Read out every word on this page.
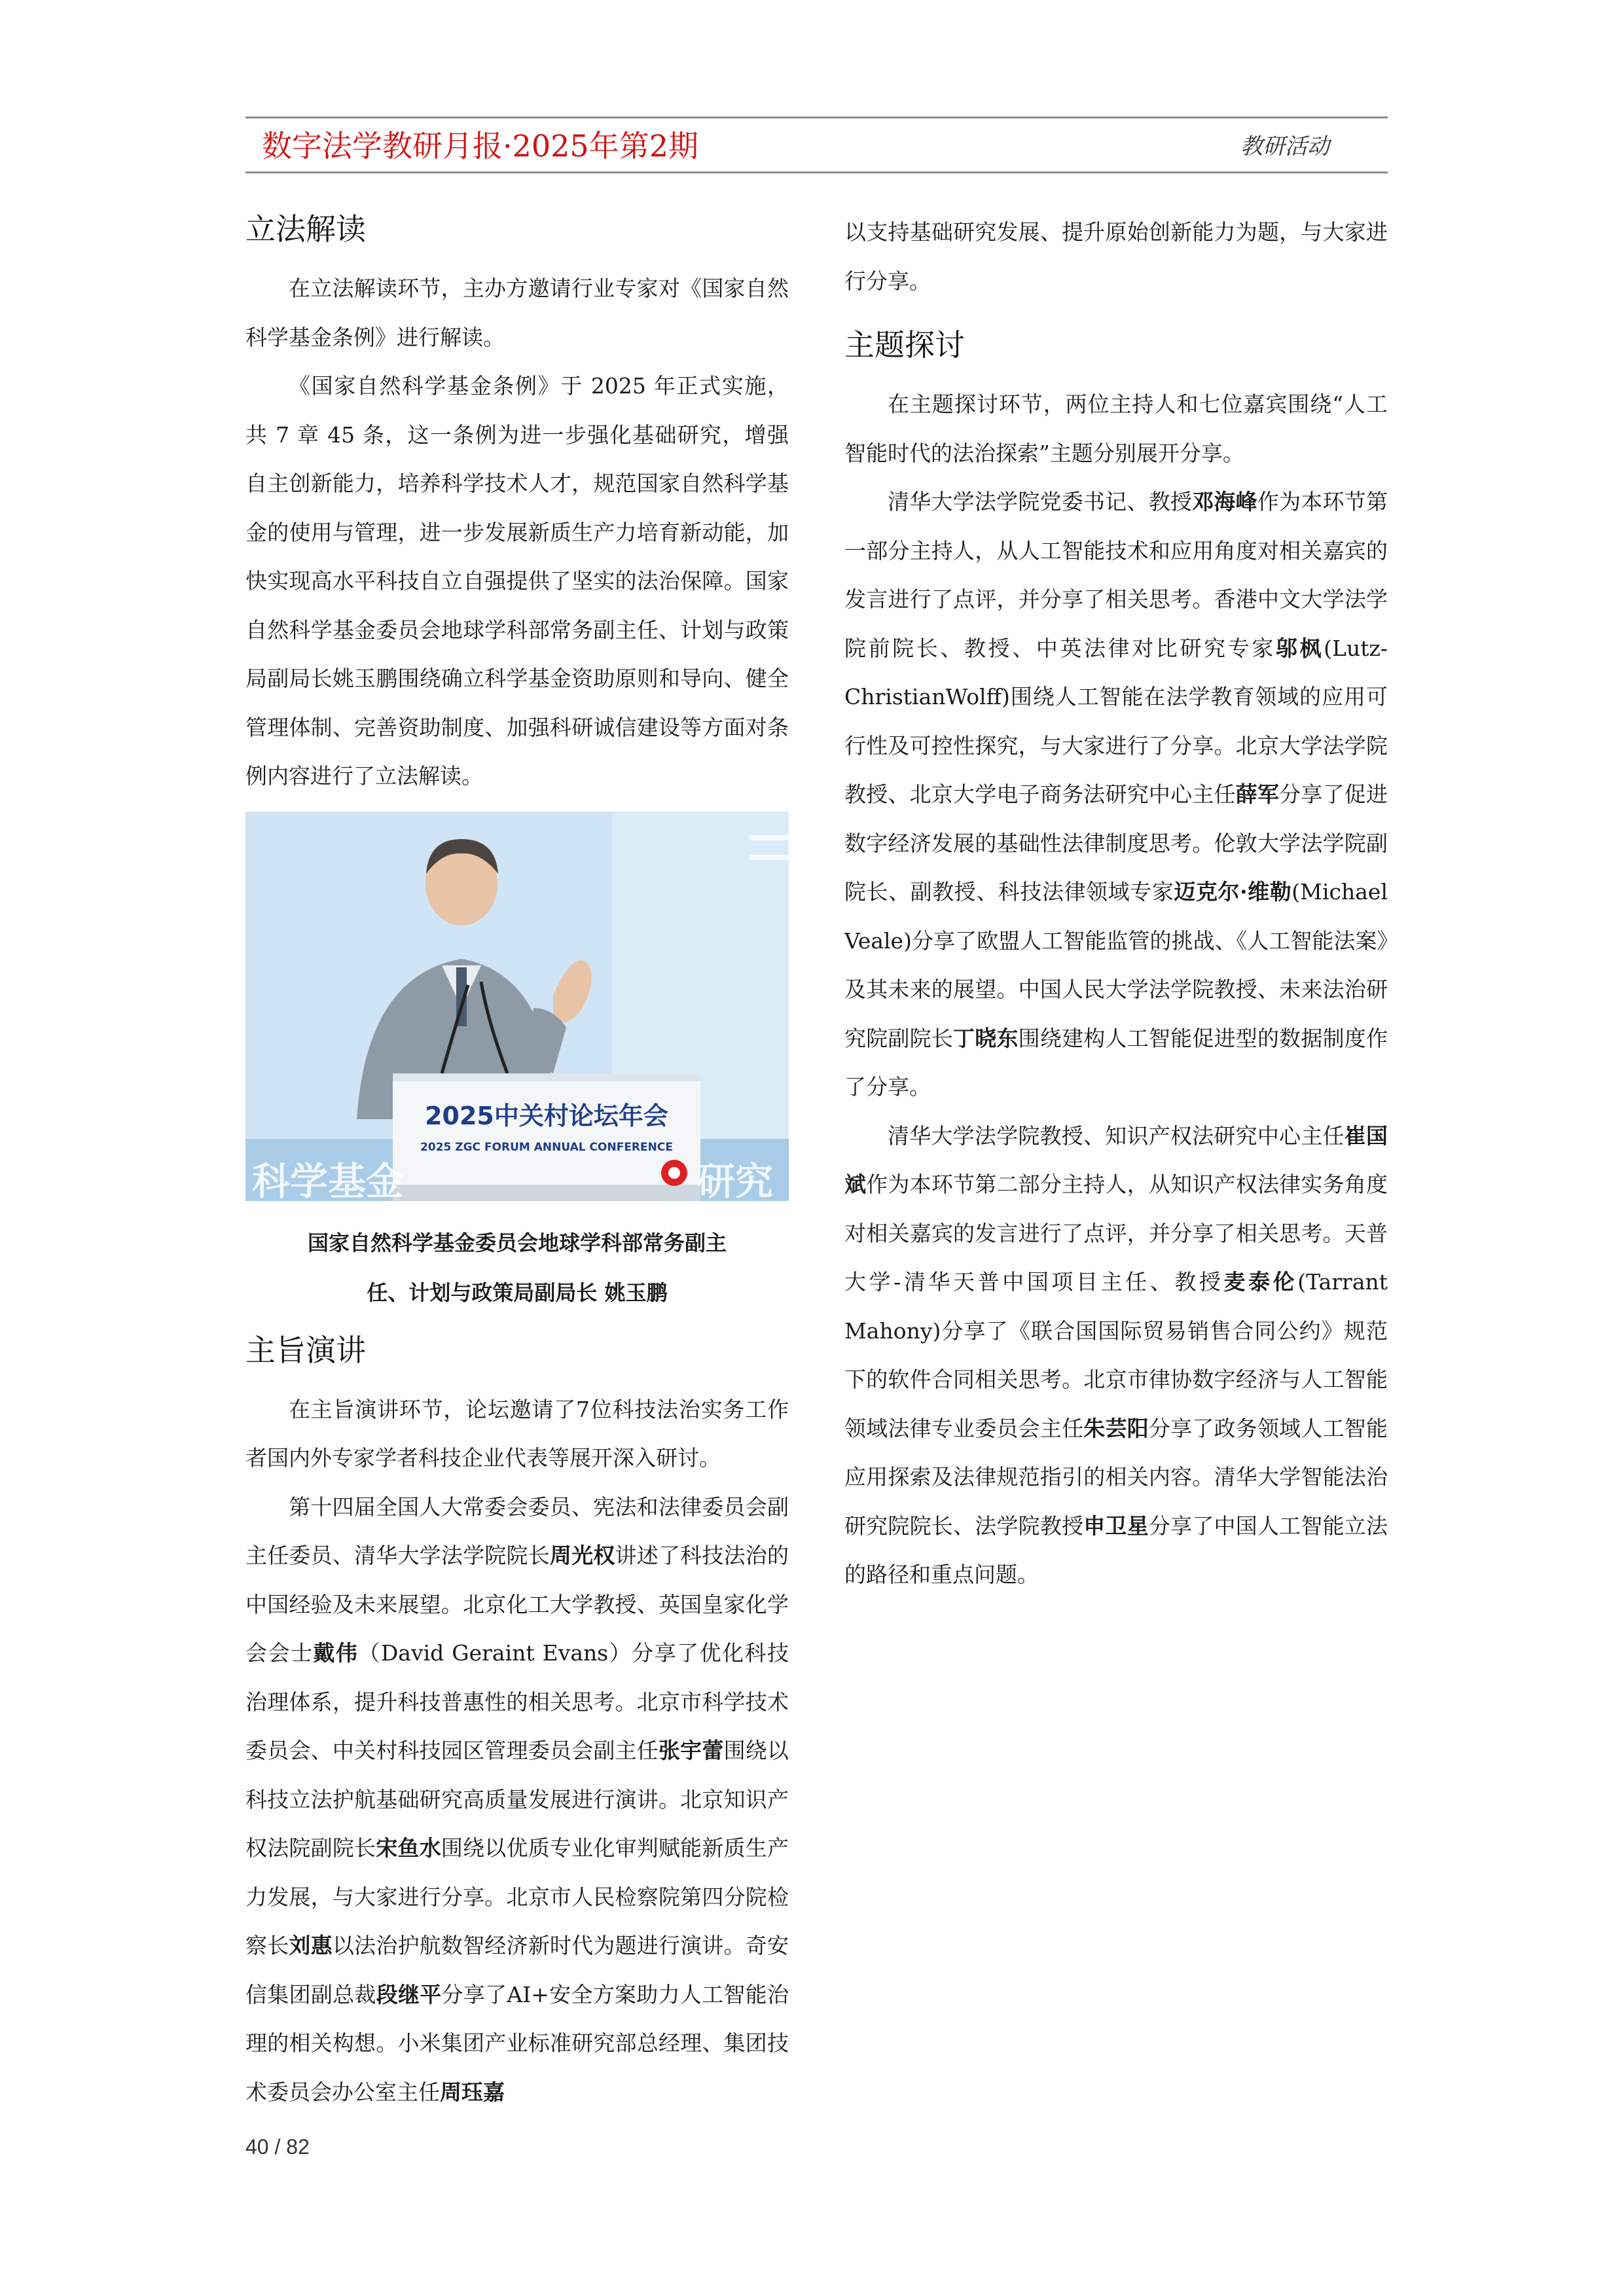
数字法学教研月报·2025年第2期	教研活动
立法解读

在立法解读环节，主办方邀请行业专家对《国家自然科学基金条例》进行解读。

《国家自然科学基金条例》于 2025 年正式实施，共 7 章 45 条，这一条例为进一步强化基础研究，增强自主创新能力，培养科学技术人才，规范国家自然科学基金的使用与管理，进一步发展新质生产力培育新动能，加快实现高水平科技自立自强提供了坚实的法治保障。国家自然科学基金委员会地球学科部常务副主任、计划与政策局副局长姚玉鹏围绕确立科学基金资助原则和导向、健全管理体制、完善资助制度、加强科研诚信建设等方面对条例内容进行了立法解读。

2025中关村论坛年会
2025 ZGC FORUM ANNUAL CONFERENCE
科学基金	研究
国家自然科学基金委员会地球学科部常务副主
任、计划与政策局副局长 姚玉鹏
主旨演讲

在主旨演讲环节，论坛邀请了7位科技法治实务工作者国内外专家学者科技企业代表等展开深入研讨。

第十四届全国人大常委会委员、宪法和法律委员会副主任委员、清华大学法学院院长周光权讲述了科技法治的中国经验及未来展望。北京化工大学教授、英国皇家化学会会士戴伟（David Geraint Evans）分享了优化科技治理体系，提升科技普惠性的相关思考。北京市科学技术委员会、中关村科技园区管理委员会副主任张宇蕾围绕以科技立法护航基础研究高质量发展进行演讲。北京知识产权法院副院长宋鱼水围绕以优质专业化审判赋能新质生产力发展，与大家进行分享。北京市人民检察院第四分院检察长刘惠以法治护航数智经济新时代为题进行演讲。奇安信集团副总裁段继平分享了AI+安全方案助力人工智能治理的相关构想。小米集团产业标准研究部总经理、集团技术委员会办公室主任周珏嘉

以支持基础研究发展、提升原始创新能力为题，与大家进行分享。

主题探讨

在主题探讨环节，两位主持人和七位嘉宾围绕“人工智能时代的法治探索”主题分别展开分享。

清华大学法学院党委书记、教授邓海峰作为本环节第一部分主持人，从人工智能技术和应用角度对相关嘉宾的发言进行了点评，并分享了相关思考。香港中文大学法学院前院长、教授、中英法律对比研究专家邬枫(Lutz-ChristianWolff)围绕人工智能在法学教育领域的应用可行性及可控性探究，与大家进行了分享。北京大学法学院教授、北京大学电子商务法研究中心主任薛军分享了促进数字经济发展的基础性法律制度思考。伦敦大学法学院副院长、副教授、科技法律领域专家迈克尔·维勒(Michael Veale)分享了欧盟人工智能监管的挑战、《人工智能法案》及其未来的展望。中国人民大学法学院教授、未来法治研究院副院长丁晓东围绕建构人工智能促进型的数据制度作了分享。

清华大学法学院教授、知识产权法研究中心主任崔国斌作为本环节第二部分主持人，从知识产权法律实务角度对相关嘉宾的发言进行了点评，并分享了相关思考。天普大学-清华天普中国项目主任、教授麦泰伦(Tarrant Mahony)分享了《联合国国际贸易销售合同公约》规范下的软件合同相关思考。北京市律协数字经济与人工智能领域法律专业委员会主任朱芸阳分享了政务领域人工智能应用探索及法律规范指引的相关内容。清华大学智能法治研究院院长、法学院教授申卫星分享了中国人工智能立法的路径和重点问题。

40 / 82
